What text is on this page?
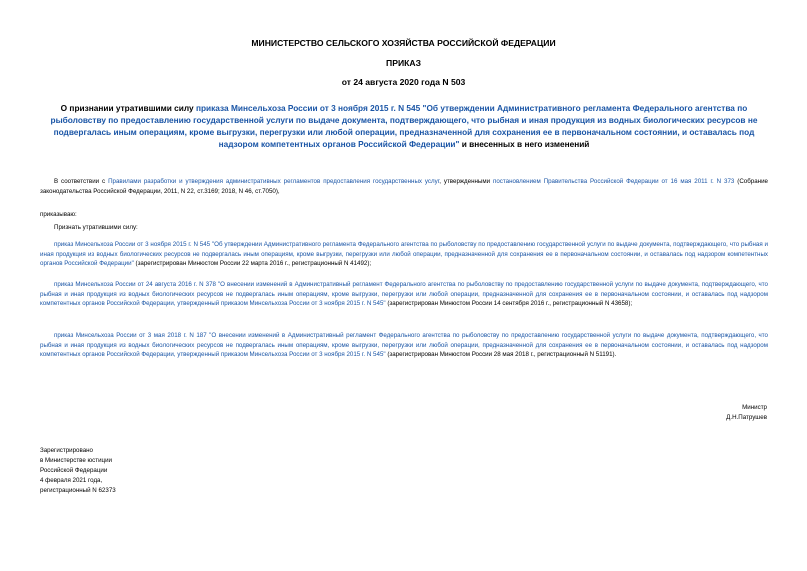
МИНИСТЕРСТВО СЕЛЬСКОГО ХОЗЯЙСТВА РОССИЙСКОЙ ФЕДЕРАЦИИ
ПРИКАЗ
от 24 августа 2020 года N 503
О признании утратившими силу приказа Минсельхоза России от 3 ноября 2015 г. N 545 "Об утверждении Административного регламента Федерального агентства по рыболовству по предоставлению государственной услуги по выдаче документа, подтверждающего, что рыбная и иная продукция из водных биологических ресурсов не подвергалась иным операциям, кроме выгрузки, перегрузки или любой операции, предназначенной для сохранения ее в первоначальном состоянии, и оставалась под надзором компетентных органов Российской Федерации" и внесенных в него изменений
В соответствии с Правилами разработки и утверждения административных регламентов предоставления государственных услуг, утвержденными постановлением Правительства Российской Федерации от 16 мая 2011 г. N 373 (Собрание законодательства Российской Федерации, 2011, N 22, ст.3169; 2018, N 46, ст.7050),
приказываю:
Признать утратившими силу:
приказ Минсельхоза России от 3 ноября 2015 г. N 545 "Об утверждении Административного регламента Федерального агентства по рыболовству по предоставлению государственной услуги по выдаче документа, подтверждающего, что рыбная и иная продукция из водных биологических ресурсов не подвергалась иным операциям, кроме выгрузки, перегрузки или любой операции, предназначенной для сохранения ее в первоначальном состоянии, и оставалась под надзором компетентных органов Российской Федерации" (зарегистрирован Минюстом России 22 марта 2016 г., регистрационный N 41492);
приказ Минсельхоза России от 24 августа 2016 г. N 378 "О внесении изменений в Административный регламент Федерального агентства по рыболовству по предоставлению государственной услуги по выдаче документа, подтверждающего, что рыбная и иная продукция из водных биологических ресурсов не подвергалась иным операциям, кроме выгрузки, перегрузки или любой операции, предназначенной для сохранения ее в первоначальном состоянии, и оставалась под надзором компетентных органов Российской Федерации, утвержденный приказом Минсельхоза России от 3 ноября 2015 г. N 545" (зарегистрирован Минюстом России 14 сентября 2016 г., регистрационный N 43658);
приказ Минсельхоза России от 3 мая 2018 г. N 187 "О внесении изменений в Административный регламент Федерального агентства по рыболовству по предоставлению государственной услуги по выдаче документа, подтверждающего, что рыбная и иная продукция из водных биологических ресурсов не подвергалась иным операциям, кроме выгрузки, перегрузки или любой операции, предназначенной для сохранения ее в первоначальном состоянии, и оставалась под надзором компетентных органов Российской Федерации, утвержденный приказом Минсельхоза России от 3 ноября 2015 г. N 545" (зарегистрирован Минюстом России 28 мая 2018 г., регистрационный N 51191).
Министр
Д.Н.Патрушев
Зарегистрировано
в Министерстве юстиции
Российской Федерации
4 февраля 2021 года,
регистрационный N 62373
